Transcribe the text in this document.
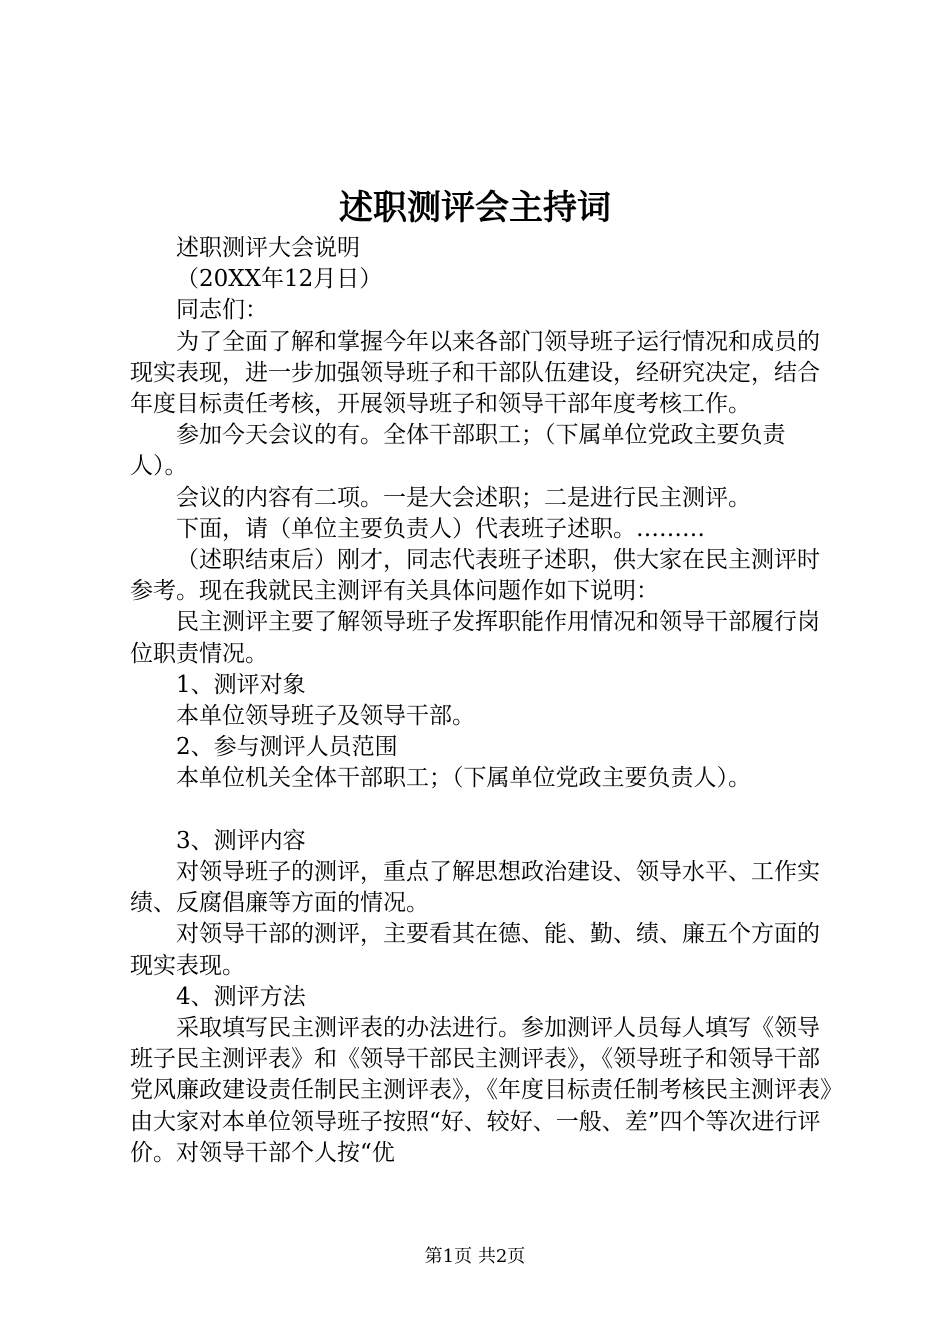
述职测评会主持词

述职测评大会说明

（20XX年12月日）

同志们：

为了全面了解和掌握今年以来各部门领导班子运行情况和成员的现实表现，进一步加强领导班子和干部队伍建设，经研究决定，结合年度目标责任考核，开展领导班子和领导干部年度考核工作。

参加今天会议的有。全体干部职工；（下属单位党政主要负责人）。

会议的内容有二项。一是大会述职；二是进行民主测评。

下面，请（单位主要负责人）代表班子述职。………

（述职结束后）刚才，同志代表班子述职，供大家在民主测评时参考。现在我就民主测评有关具体问题作如下说明：

民主测评主要了解领导班子发挥职能作用情况和领导干部履行岗位职责情况。

1、测评对象

本单位领导班子及领导干部。

2、参与测评人员范围

本单位机关全体干部职工；（下属单位党政主要负责人）。

3、测评内容

对领导班子的测评，重点了解思想政治建设、领导水平、工作实绩、反腐倡廉等方面的情况。

对领导干部的测评，主要看其在德、能、勤、绩、廉五个方面的现实表现。

4、测评方法

采取填写民主测评表的办法进行。参加测评人员每人填写《领导班子民主测评表》和《领导干部民主测评表》，《领导班子和领导干部党风廉政建设责任制民主测评表》，《年度目标责任制考核民主测评表》由大家对本单位领导班子按照“好、较好、一般、差”四个等次进行评价。对领导干部个人按“优

第1页 共2页
